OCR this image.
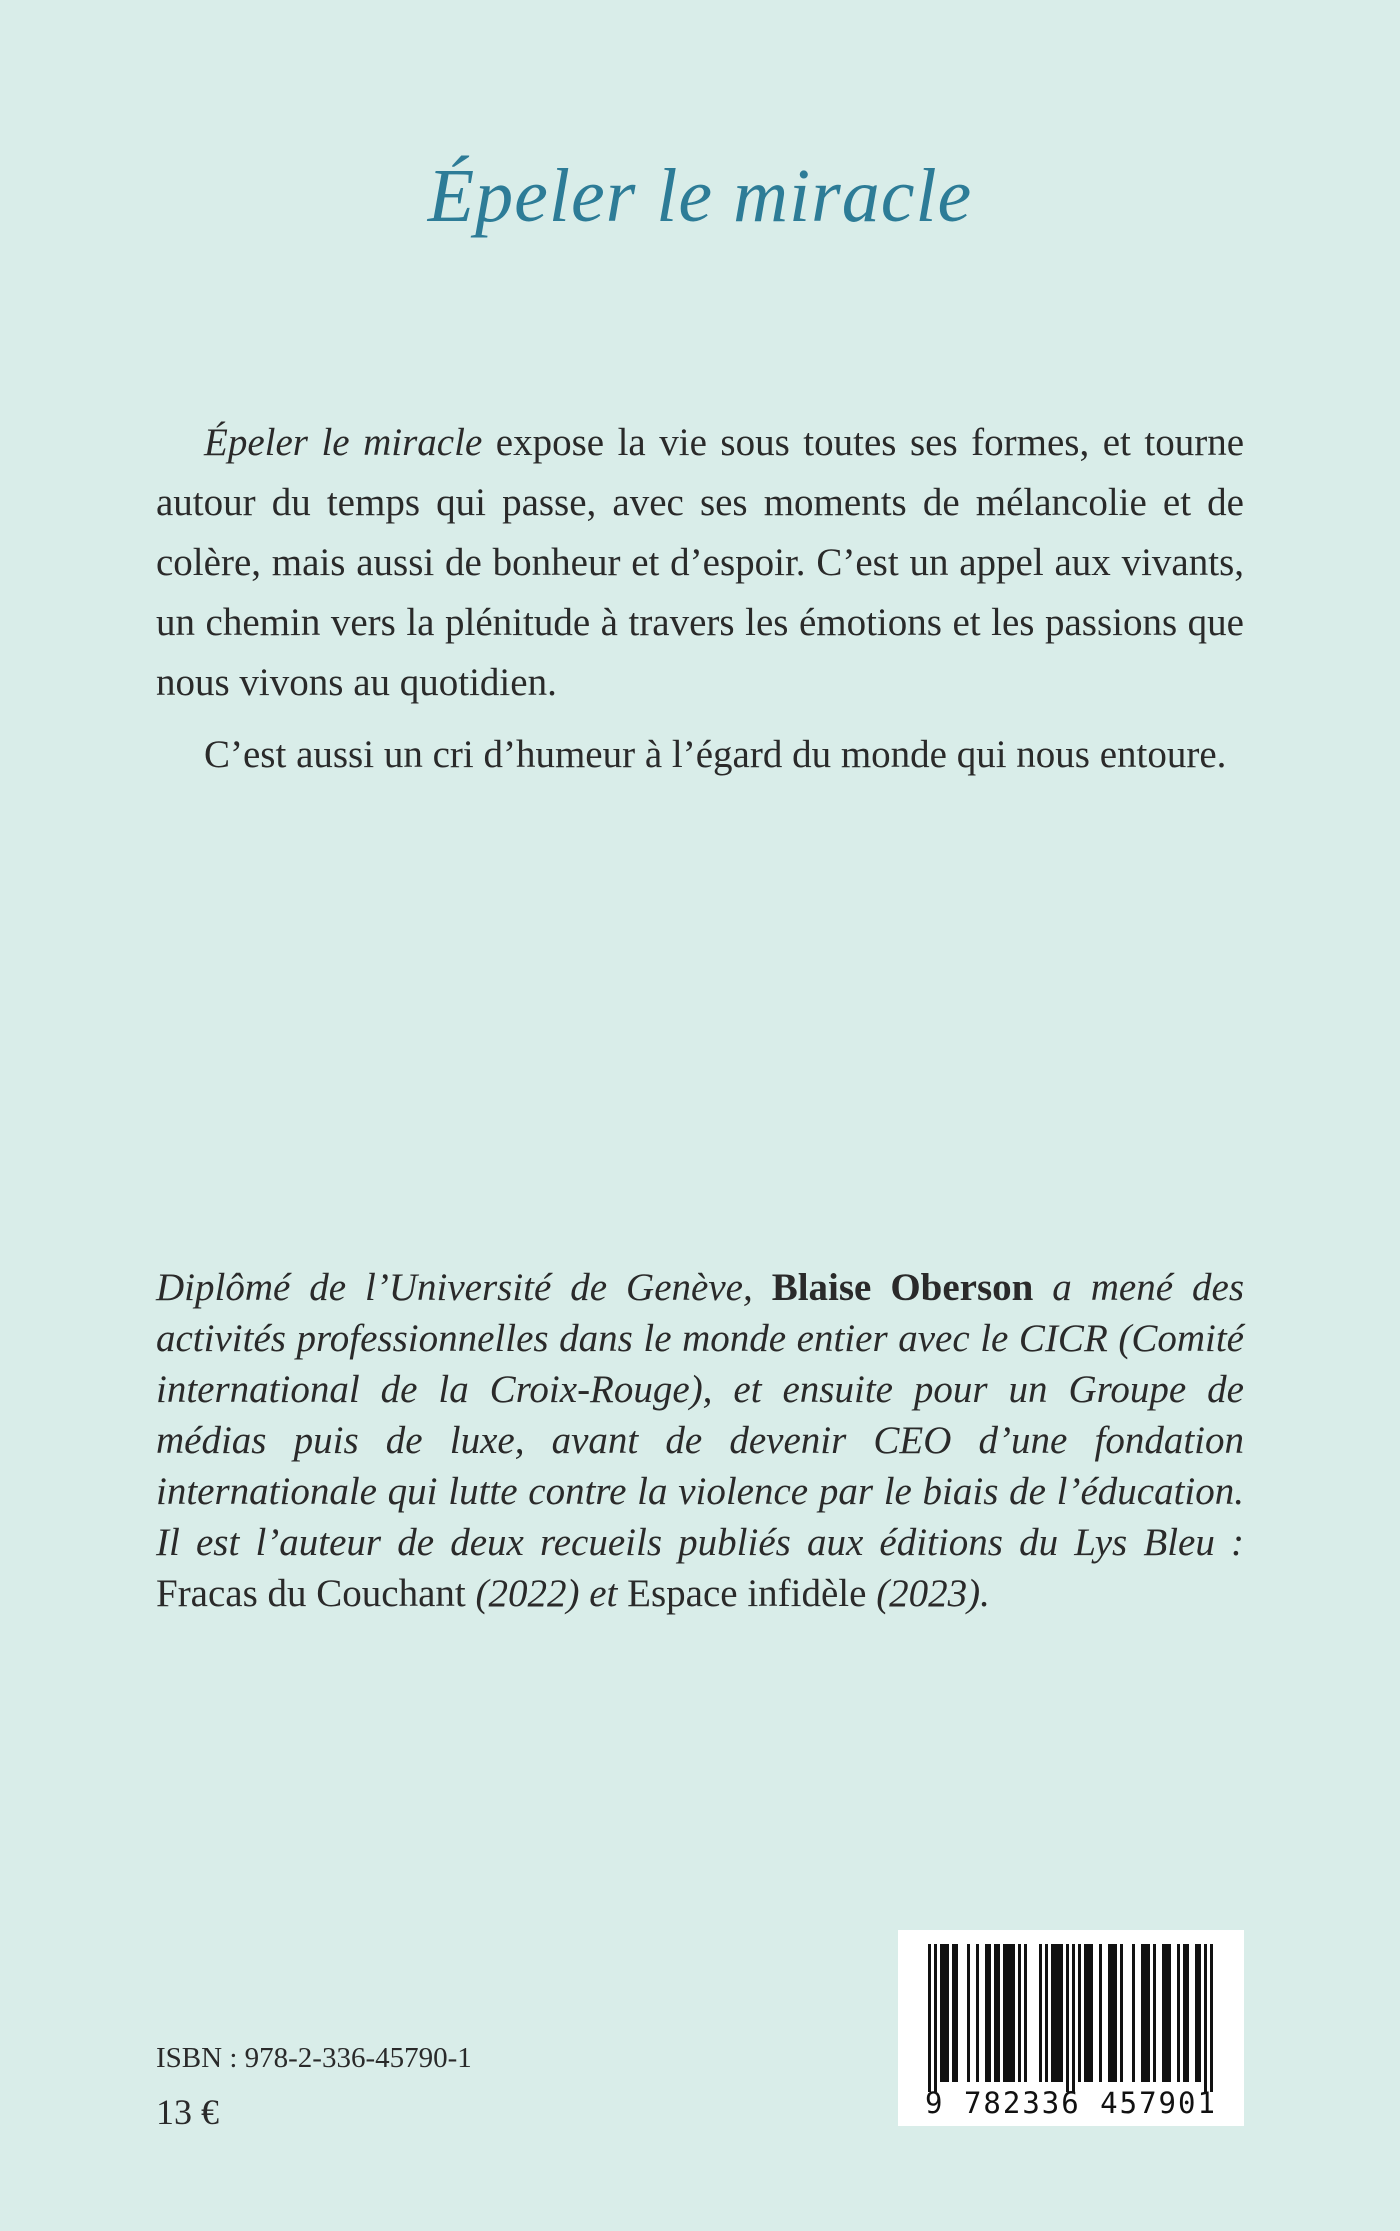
Épeler le miracle

Épeler le miracle expose la vie sous toutes ses formes, et tourne autour du temps qui passe, avec ses moments de mélancolie et de colère, mais aussi de bonheur et d’espoir. C’est un appel aux vivants, un chemin vers la plénitude à travers les émotions et les passions que nous vivons au quotidien.

C’est aussi un cri d’humeur à l’égard du monde qui nous entoure.

Diplômé de l’Université de Genève, Blaise Oberson a mené des activités professionnelles dans le monde entier avec le CICR (Comité international de la Croix-Rouge), et ensuite pour un Groupe de médias puis de luxe, avant de devenir CEO d’une fondation internationale qui lutte contre la violence par le biais de l’éducation. Il est l’auteur de deux recueils publiés aux éditions du Lys Bleu : Fracas du Couchant (2022) et Espace infidèle (2023).
ISBN : 978-2-336-45790-1
13 €	9 782336 457901
